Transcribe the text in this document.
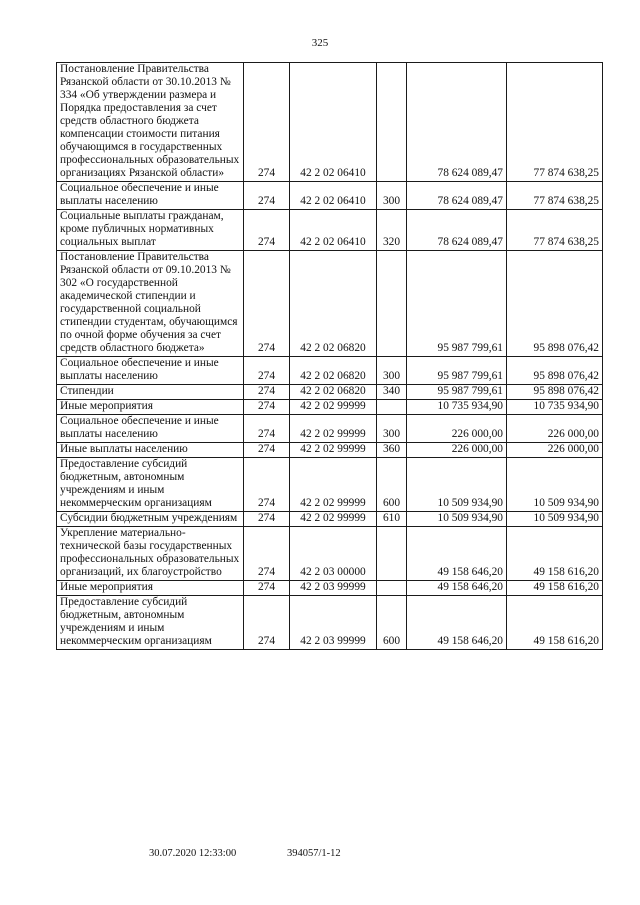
325
Постановление Правительства Рязанской области от 30.10.2013 № 334 «Об утверждении размера и Порядка предоставления за счет средств областного бюджета компенсации стоимости питания обучающимся в государственных профессиональных образовательных организациях Рязанской области»	274	42 2 02 06410		78 624 089,47	77 874 638,25
Социальное обеспечение и иные выплаты населению	274	42 2 02 06410	300	78 624 089,47	77 874 638,25
Социальные выплаты гражданам, кроме публичных нормативных социальных выплат	274	42 2 02 06410	320	78 624 089,47	77 874 638,25
Постановление Правительства Рязанской области от 09.10.2013 № 302 «О государственной академической стипендии и государственной социальной стипендии студентам, обучающимся по очной форме обучения за счет средств областного бюджета»	274	42 2 02 06820		95 987 799,61	95 898 076,42
Социальное обеспечение и иные выплаты населению	274	42 2 02 06820	300	95 987 799,61	95 898 076,42
Стипендии	274	42 2 02 06820	340	95 987 799,61	95 898 076,42
Иные мероприятия	274	42 2 02 99999		10 735 934,90	10 735 934,90
Социальное обеспечение и иные выплаты населению	274	42 2 02 99999	300	226 000,00	226 000,00
Иные выплаты населению	274	42 2 02 99999	360	226 000,00	226 000,00
Предоставление субсидий бюджетным, автономным учреждениям и иным некоммерческим организациям	274	42 2 02 99999	600	10 509 934,90	10 509 934,90
Субсидии бюджетным учреждениям	274	42 2 02 99999	610	10 509 934,90	10 509 934,90
Укрепление материально-технической базы государственных профессиональных образовательных организаций, их благоустройство	274	42 2 03 00000		49 158 646,20	49 158 616,20
Иные мероприятия	274	42 2 03 99999		49 158 646,20	49 158 616,20
Предоставление субсидий бюджетным, автономным учреждениям и иным некоммерческим организациям	274	42 2 03 99999	600	49 158 646,20	49 158 616,20
30.07.2020 12:33:00	394057/1-12
